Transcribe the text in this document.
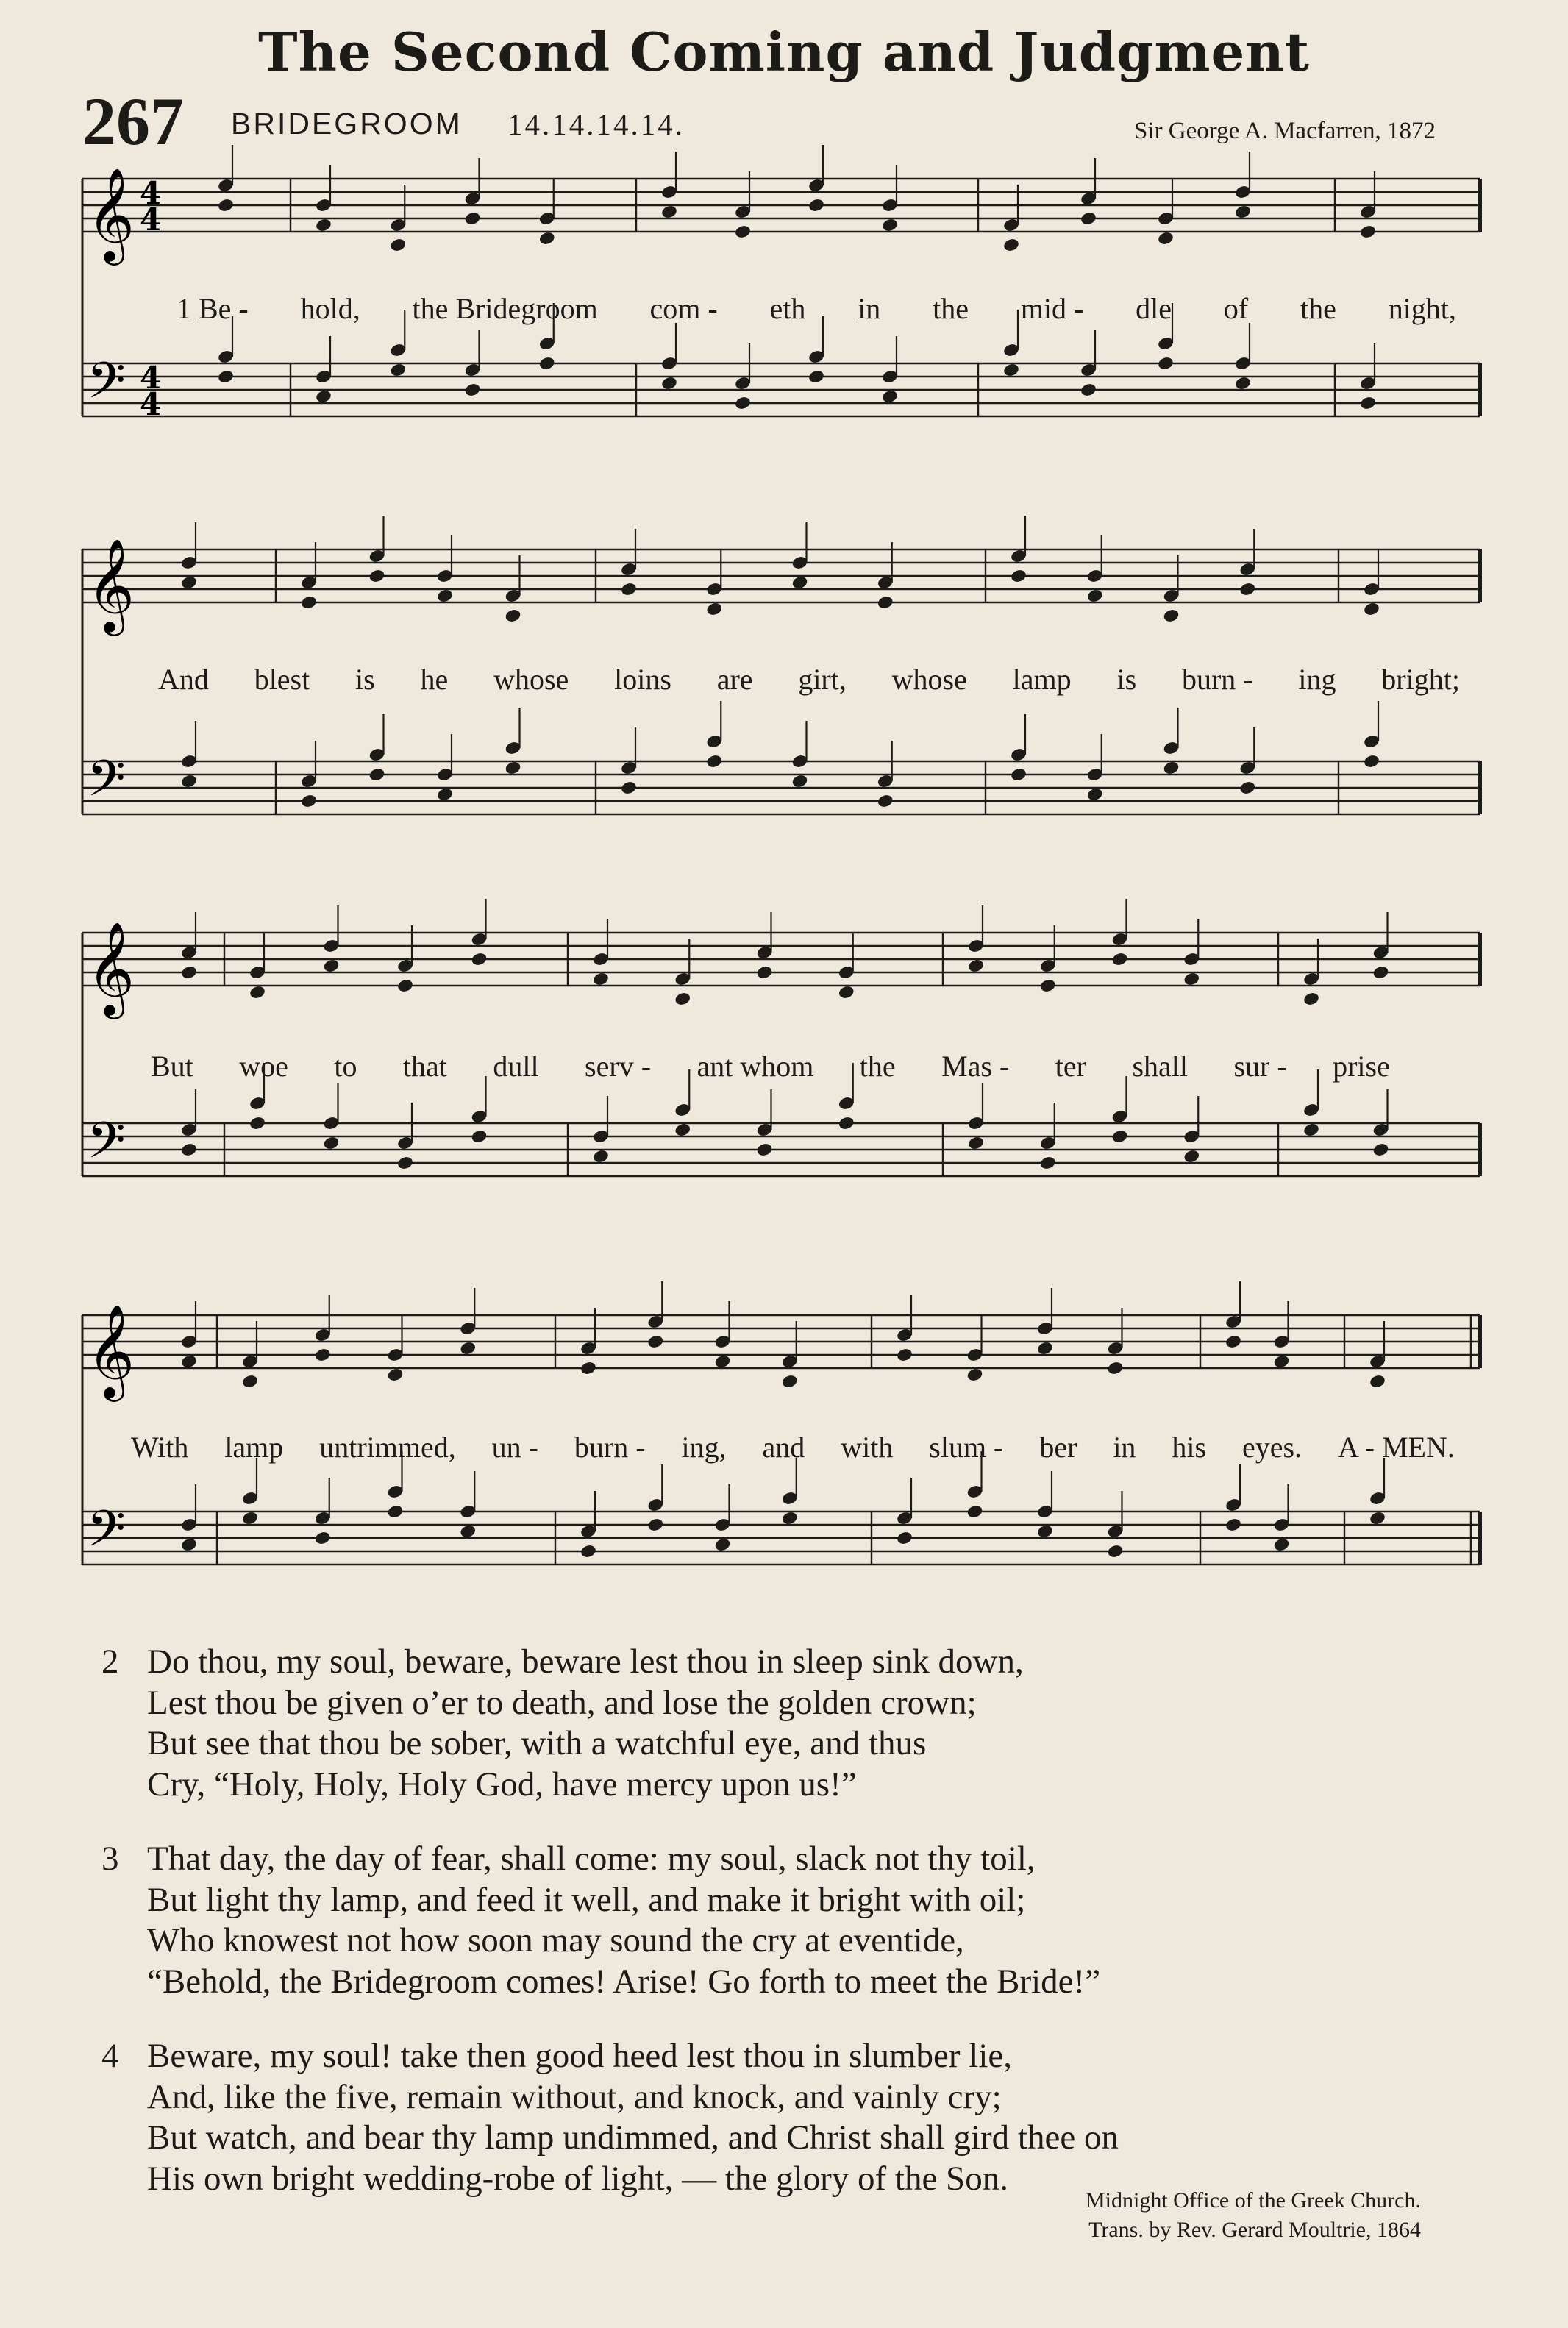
The Second Coming and Judgment
267 BRIDEGROOM 14.14.14.14.	Sir George A. Macfarren, 1872
𝄞
𝄢
4
4
4
4
𝄞
𝄢
𝄞
𝄢
𝄞
𝄢
2 Do thou, my soul, beware, beware lest thou in sleep sink down,
Lest thou be given o’er to death, and lose the golden crown;
But see that thou be sober, with a watchful eye, and thus
Cry, “Holy, Holy, Holy God, have mercy upon us!”
3 That day, the day of fear, shall come: my soul, slack not thy toil,
But light thy lamp, and feed it well, and make it bright with oil;
Who knowest not how soon may sound the cry at eventide,
“Behold, the Bridegroom comes! Arise! Go forth to meet the Bride!”
4 Beware, my soul! take then good heed lest thou in slumber lie,
And, like the five, remain without, and knock, and vainly cry;
But watch, and bear thy lamp undimmed, and Christ shall gird thee on
His own bright wedding-robe of light, — the glory of the Son.
Midnight Office of the Greek Church.
Trans. by Rev. Gerard Moultrie, 1864
1 Be - hold, the Bridegroom com - eth in the mid - dle of the night,
And blest is he whose loins are girt, whose lamp is burn - ing bright;
But woe to that dull serv - ant whom the Mas - ter shall sur - prise
With lamp untrimmed, un - burn - ing, and with slum - ber in his eyes. A - MEN.
